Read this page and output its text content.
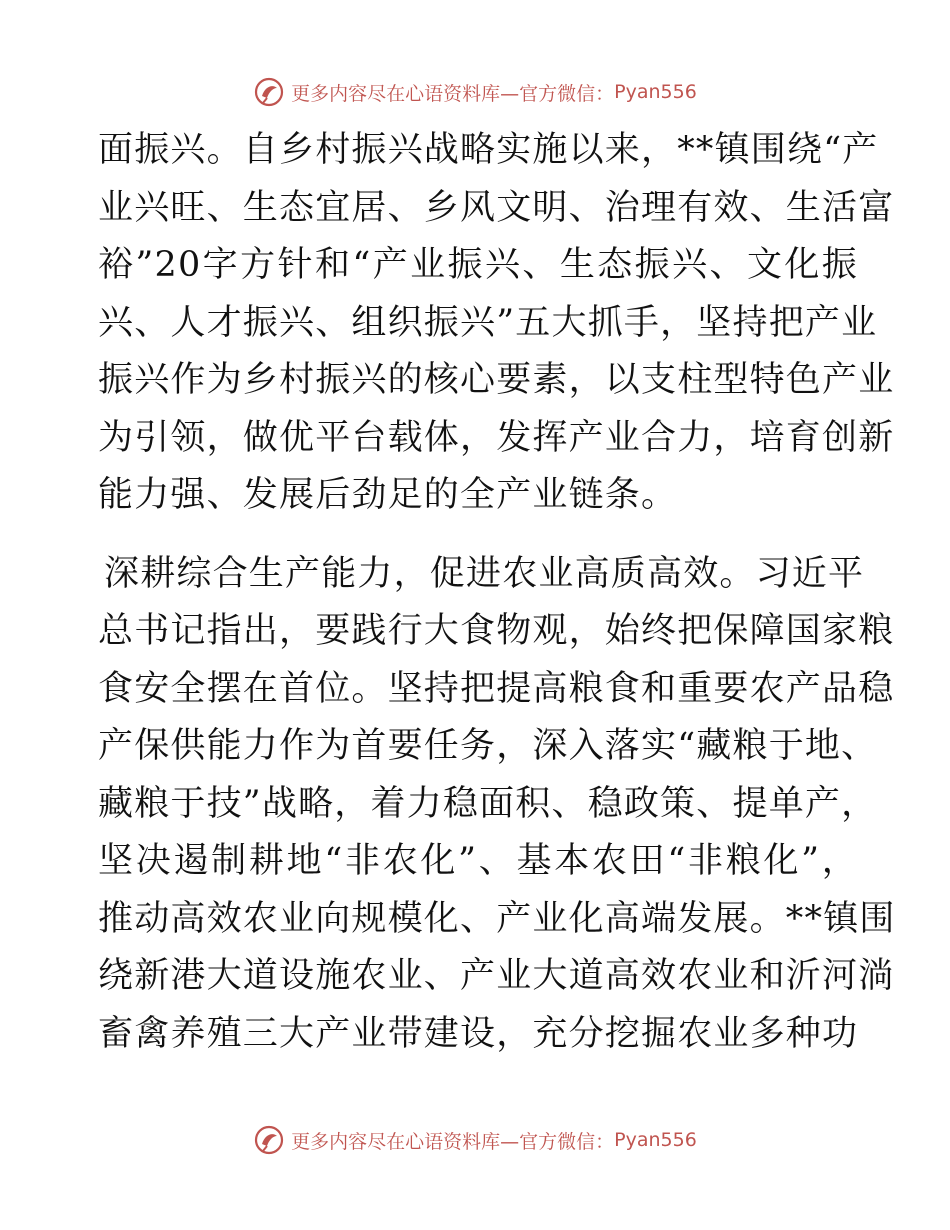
更多内容尽在心语资料库—官方微信： Pyan556
面振兴。自乡村振兴战略实施以来，**镇围绕“产
业兴旺、生态宜居、乡风文明、治理有效、生活富
裕”20字方针和“产业振兴、生态振兴、文化振
兴、人才振兴、组织振兴”五大抓手，坚持把产业
振兴作为乡村振兴的核心要素，以支柱型特色产业
为引领，做优平台载体，发挥产业合力，培育创新
能力强、发展后劲足的全产业链条。
深耕综合生产能力，促进农业高质高效。习近平
总书记指出，要践行大食物观，始终把保障国家粮
食安全摆在首位。坚持把提高粮食和重要农产品稳
产保供能力作为首要任务，深入落实“藏粮于地、
藏粮于技”战略，着力稳面积、稳政策、提单产，
坚决遏制耕地“非农化”、基本农田“非粮化”，
推动高效农业向规模化、产业化高端发展。**镇围
绕新港大道设施农业、产业大道高效农业和沂河淌
畜禽养殖三大产业带建设，充分挖掘农业多种功
更多内容尽在心语资料库—官方微信： Pyan556
